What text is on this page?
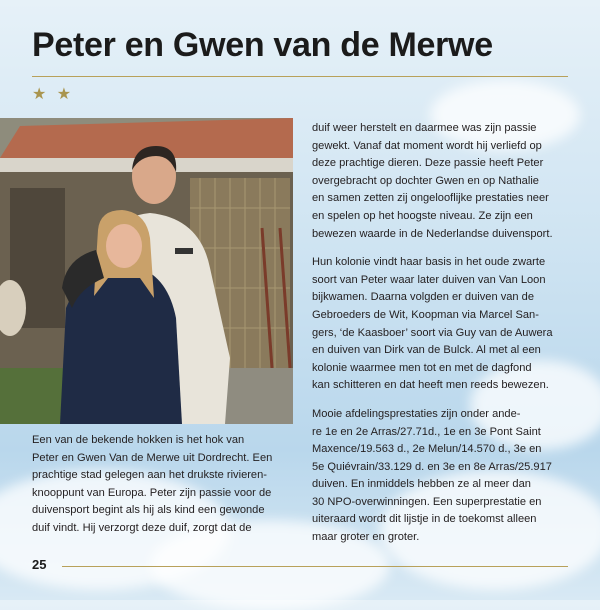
Peter en Gwen van de Merwe
★ ★

Een van de bekende hokken is het hok van
Peter en Gwen Van de Merwe uit Dordrecht. Een
prachtige stad gelegen aan het drukste rivieren-
knooppunt van Europa. Peter zijn passie voor de
duivensport begint als hij als kind een gewonde
duif vindt. Hij verzorgt deze duif, zorgt dat de

duif weer herstelt en daarmee was zijn passie
gewekt. Vanaf dat moment wordt hij verliefd op
deze prachtige dieren. Deze passie heeft Peter
overgebracht op dochter Gwen en op Nathalie
en samen zetten zij ongelooflijke prestaties neer
en spelen op het hoogste niveau. Ze zijn een
bewezen waarde in de Nederlandse duivensport.

Hun kolonie vindt haar basis in het oude zwarte
soort van Peter waar later duiven van Van Loon
bijkwamen. Daarna volgden er duiven van de
Gebroeders de Wit, Koopman via Marcel San-
gers, ‘de Kaasboer’ soort via Guy van de Auwera
en duiven van Dirk van de Bulck. Al met al een
kolonie waarmee men tot en met de dagfond
kan schitteren en dat heeft men reeds bewezen.

Mooie afdelingsprestaties zijn onder ande-
re 1e en 2e Arras/27.71d., 1e en 3e Pont Saint
Maxence/19.563 d., 2e Melun/14.570 d., 3e en
5e Quiévrain/33.129 d. en 3e en 8e Arras/25.917
duiven. En inmiddels hebben ze al meer dan
30 NPO-overwinningen. Een superprestatie en
uiteraard wordt dit lijstje in de toekomst alleen
maar groter en groter.

25
